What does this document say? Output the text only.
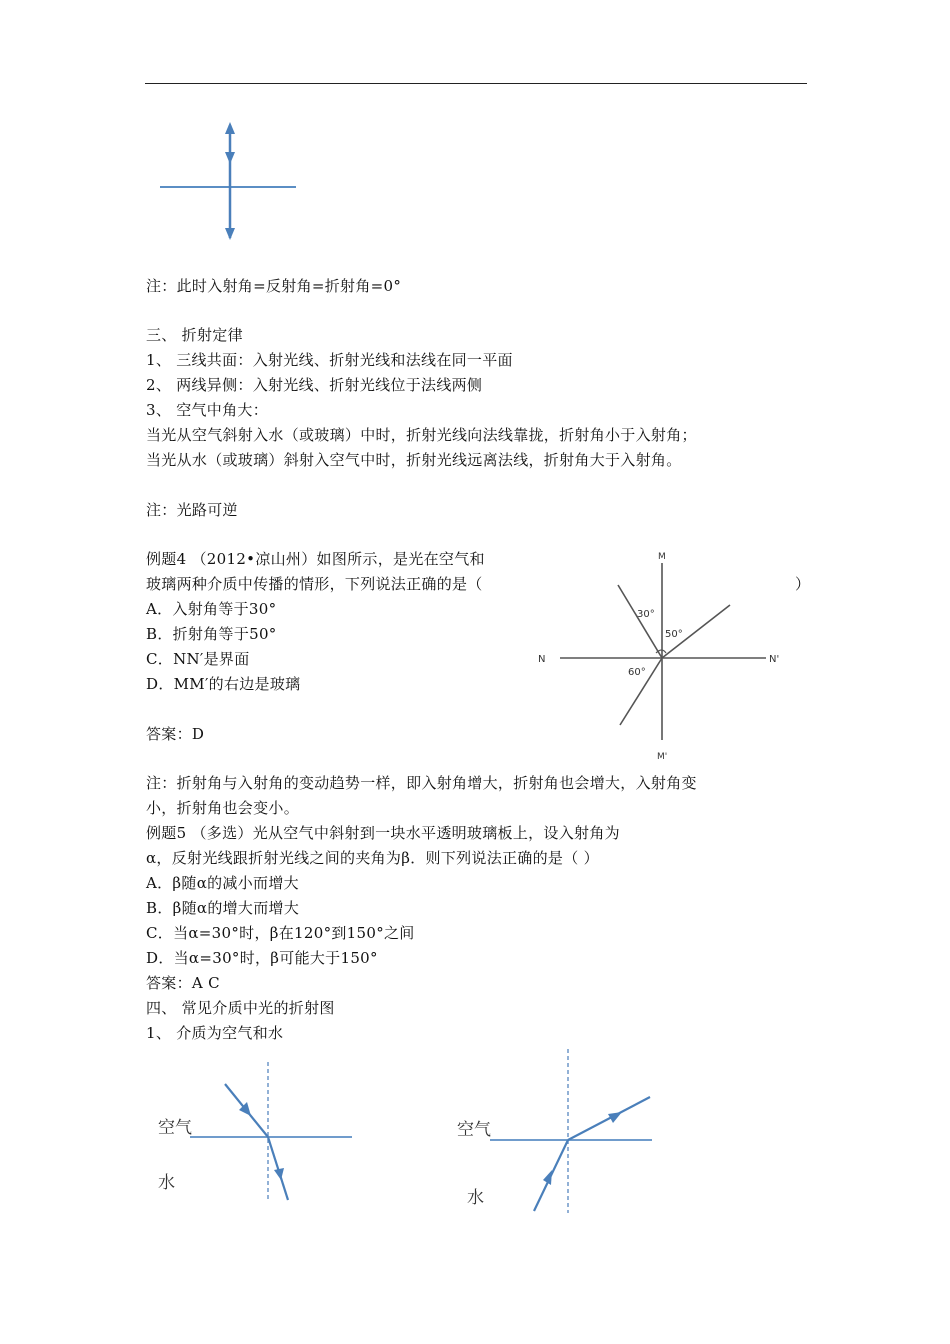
注：此时入射角=反射角=折射角=0°
三、 折射定律
1、 三线共面：入射光线、折射光线和法线在同一平面
2、 两线异侧：入射光线、折射光线位于法线两侧
3、 空气中角大：
当光从空气斜射入水（或玻璃）中时，折射光线向法线靠拢，折射角小于入射角；
当光从水（或玻璃）斜射入空气中时，折射光线远离法线，折射角大于入射角。
注：光路可逆
例题4 （2012•凉山州）如图所示，是光在空气和
玻璃两种介质中传播的情形，下列说法正确的是（	）
A．入射角等于30°
B．折射角等于50°
C．NN′是界面
D．MM′的右边是玻璃
答案：D
M
M'
N	N'
30°
50°
60°
注：折射角与入射角的变动趋势一样，即入射角增大，折射角也会增大，入射角变
小，折射角也会变小。
例题5 （多选）光从空气中斜射到一块水平透明玻璃板上，设入射角为
α，反射光线跟折射光线之间的夹角为β．则下列说法正确的是（ ）
A．β随α的减小而增大
B．β随α的增大而增大
C．当α=30°时，β在120°到150°之间
D．当α=30°时，β可能大于150°
答案：A C
四、 常见介质中光的折射图
1、 介质为空气和水
空气
水
空气
水
